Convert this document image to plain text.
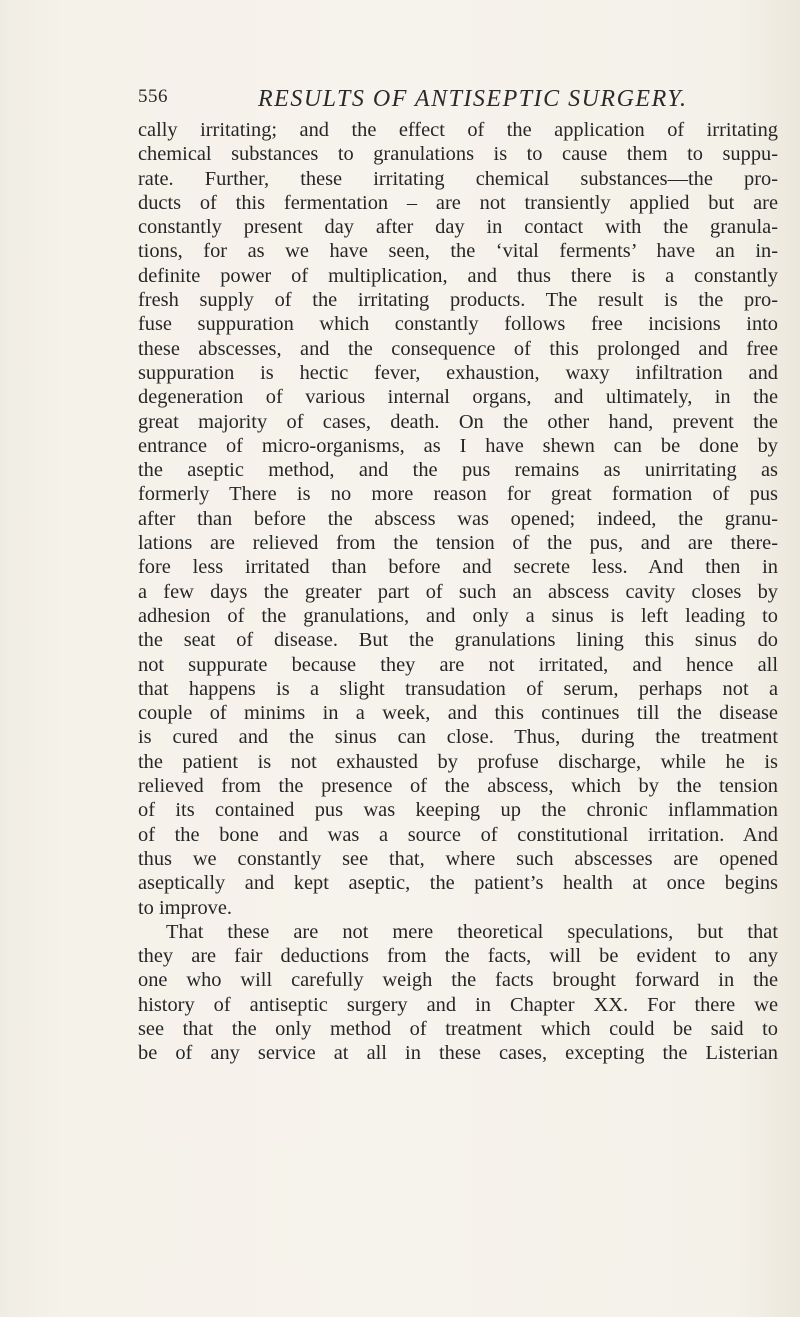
556	RESULTS OF ANTISEPTIC SURGERY.
cally irritating; and the effect of the application of irritating
chemical substances to granulations is to cause them to suppu-
rate. Further, these irritating chemical substances—the pro-
ducts of this fermentation – are not transiently applied but are
constantly present day after day in contact with the granula-
tions, for as we have seen, the ‘vital ferments’ have an in-
definite power of multiplication, and thus there is a constantly
fresh supply of the irritating products. The result is the pro-
fuse suppuration which constantly follows free incisions into
these abscesses, and the consequence of this prolonged and free
suppuration is hectic fever, exhaustion, waxy infiltration and
degeneration of various internal organs, and ultimately, in the
great majority of cases, death. On the other hand, prevent the
entrance of micro-organisms, as I have shewn can be done by
the aseptic method, and the pus remains as unirritating as
formerly There is no more reason for great formation of pus
after than before the abscess was opened; indeed, the granu-
lations are relieved from the tension of the pus, and are there-
fore less irritated than before and secrete less. And then in
a few days the greater part of such an abscess cavity closes by
adhesion of the granulations, and only a sinus is left leading to
the seat of disease. But the granulations lining this sinus do
not suppurate because they are not irritated, and hence all
that happens is a slight transudation of serum, perhaps not a
couple of minims in a week, and this continues till the disease
is cured and the sinus can close. Thus, during the treatment
the patient is not exhausted by profuse discharge, while he is
relieved from the presence of the abscess, which by the tension
of its contained pus was keeping up the chronic inflammation
of the bone and was a source of constitutional irritation. And
thus we constantly see that, where such abscesses are opened
aseptically and kept aseptic, the patient’s health at once begins
to improve.
That these are not mere theoretical speculations, but that
they are fair deductions from the facts, will be evident to any
one who will carefully weigh the facts brought forward in the
history of antiseptic surgery and in Chapter XX. For there we
see that the only method of treatment which could be said to
be of any service at all in these cases, excepting the Listerian
